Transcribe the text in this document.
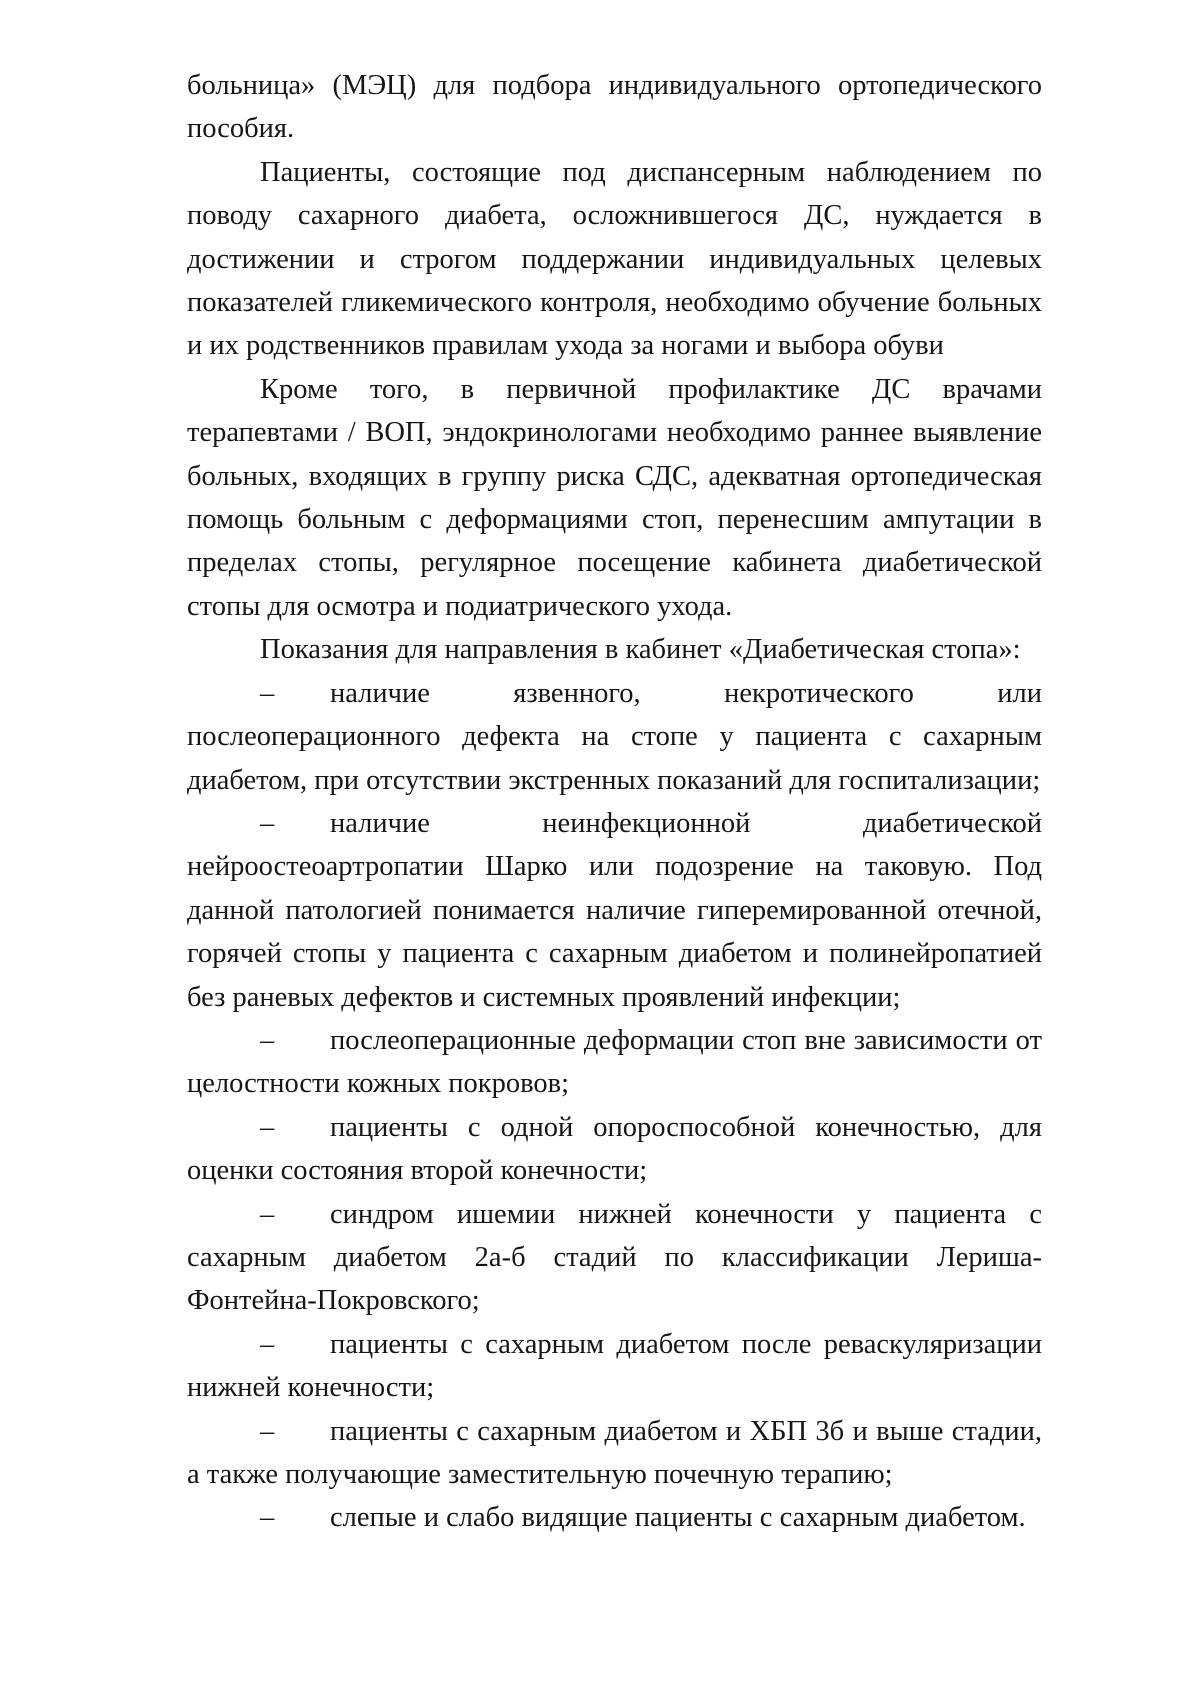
больница» (МЭЦ) для подбора индивидуального ортопедического пособия.

Пациенты, состоящие под диспансерным наблюдением по поводу сахарного диабета, осложнившегося ДС, нуждается в достижении и строгом поддержании индивидуальных целевых показателей гликемического контроля, необходимо обучение больных и их родственников правилам ухода за ногами и выбора обуви

Кроме того, в первичной профилактике ДС врачами терапевтами / ВОП, эндокринологами необходимо раннее выявление больных, входящих в группу риска СДС, адекватная ортопедическая помощь больным с деформациями стоп, перенесшим ампутации в пределах стопы, регулярное посещение кабинета диабетической стопы для осмотра и подиатрического ухода.

Показания для направления в кабинет «Диабетическая стопа»:

– наличие язвенного, некротического или послеоперационного дефекта на стопе у пациента с сахарным диабетом, при отсутствии экстренных показаний для госпитализации;

– наличие неинфекционной диабетической нейроостеоартропатии Шарко или подозрение на таковую. Под данной патологией понимается наличие гиперемированной отечной, горячей стопы у пациента с сахарным диабетом и полинейропатией без раневых дефектов и системных проявлений инфекции;

– послеоперационные деформации стоп вне зависимости от целостности кожных покровов;

– пациенты с одной опороспособной конечностью, для оценки состояния второй конечности;

– синдром ишемии нижней конечности у пациента с сахарным диабетом 2а-б стадий по классификации Лериша-Фонтейна-Покровского;

– пациенты с сахарным диабетом после реваскуляризации нижней конечности;

– пациенты с сахарным диабетом и ХБП 3б и выше стадии, а также получающие заместительную почечную терапию;

– слепые и слабо видящие пациенты с сахарным диабетом.
